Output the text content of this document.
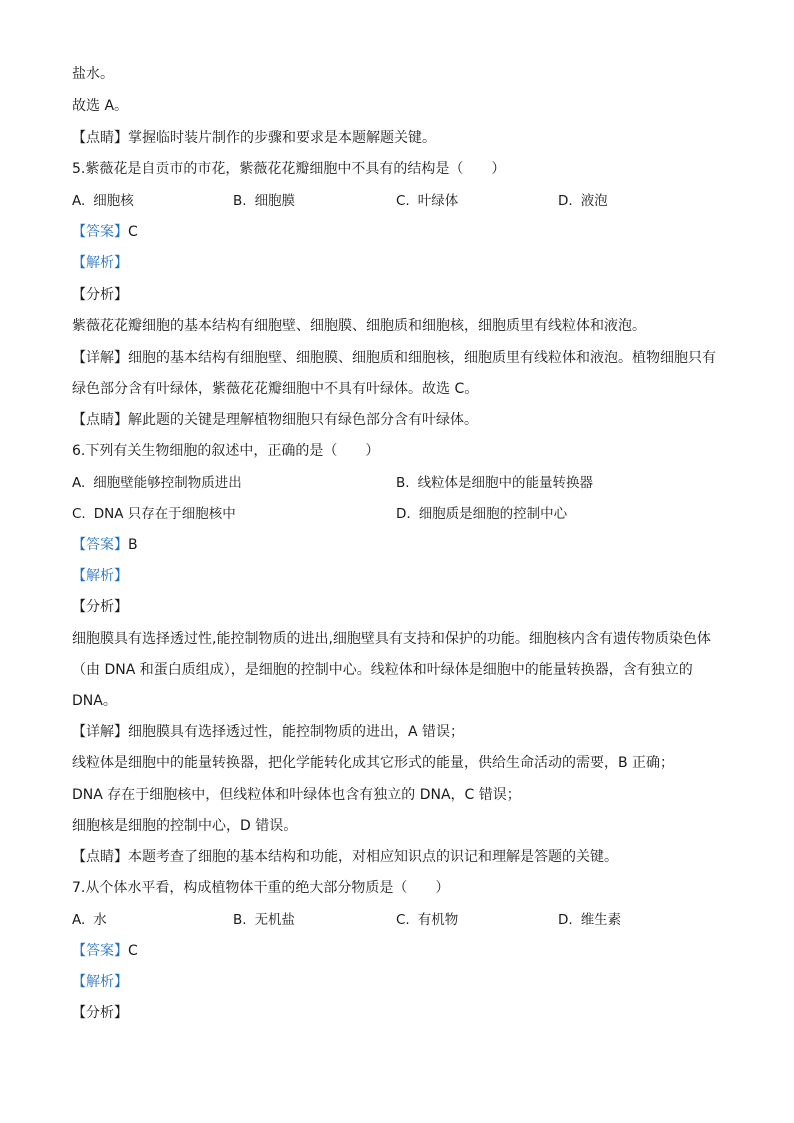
盐水。
故选 A。
【点睛】掌握临时装片制作的步骤和要求是本题解题关键。
5.紫薇花是自贡市的市花，紫薇花花瓣细胞中不具有的结构是（　　）
A. 细胞核	B. 细胞膜	C. 叶绿体	D. 液泡
【答案】C
【解析】
【分析】
紫薇花花瓣细胞的基本结构有细胞壁、细胞膜、细胞质和细胞核，细胞质里有线粒体和液泡。
【详解】细胞的基本结构有细胞壁、细胞膜、细胞质和细胞核，细胞质里有线粒体和液泡。植物细胞只有
绿色部分含有叶绿体，紫薇花花瓣细胞中不具有叶绿体。故选 C。
【点睛】解此题的关键是理解植物细胞只有绿色部分含有叶绿体。
6.下列有关生物细胞的叙述中，正确的是（　　）
A. 细胞壁能够控制物质进出	B. 线粒体是细胞中的能量转换器
C. DNA 只存在于细胞核中	D. 细胞质是细胞的控制中心
【答案】B
【解析】
【分析】
细胞膜具有选择透过性,能控制物质的进出,细胞壁具有支持和保护的功能。细胞核内含有遗传物质染色体
（由 DNA 和蛋白质组成），是细胞的控制中心。线粒体和叶绿体是细胞中的能量转换器，含有独立的
DNA。
【详解】细胞膜具有选择透过性，能控制物质的进出，A 错误；
线粒体是细胞中的能量转换器，把化学能转化成其它形式的能量，供给生命活动的需要，B 正确；
DNA 存在于细胞核中，但线粒体和叶绿体也含有独立的 DNA，C 错误；
细胞核是细胞的控制中心，D 错误。
【点睛】本题考查了细胞的基本结构和功能，对相应知识点的识记和理解是答题的关键。
7.从个体水平看，构成植物体干重的绝大部分物质是（　　）
A. 水	B. 无机盐	C. 有机物	D. 维生素
【答案】C
【解析】
【分析】
